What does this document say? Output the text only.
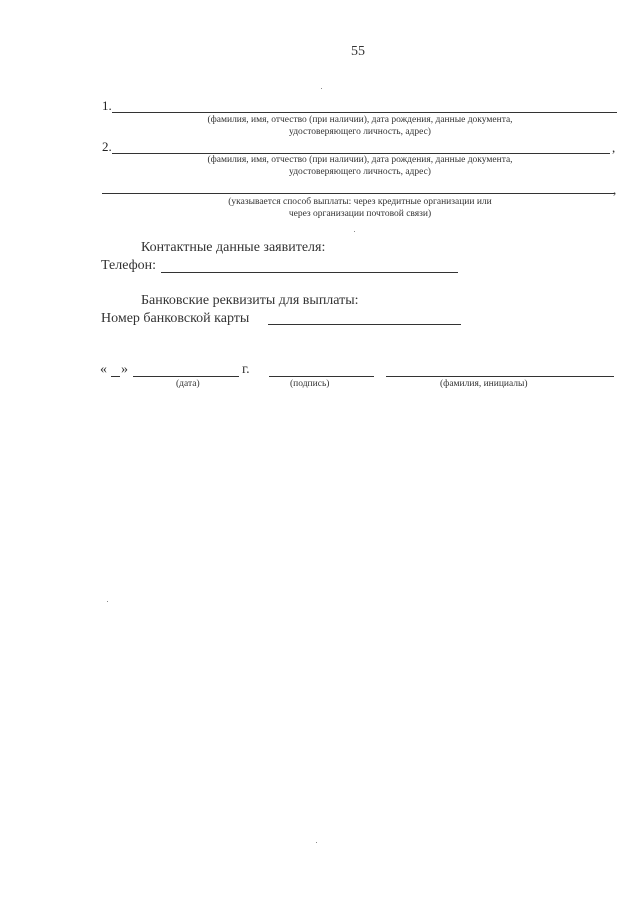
55
1.
(фамилия, имя, отчество (при наличии), дата рождения, данные документа,
удостоверяющего личность, адрес)
2.	,
(фамилия, имя, отчество (при наличии), дата рождения, данные документа,
удостоверяющего личность, адрес)
,
(указывается способ выплаты: через кредитные организации или
через организации почтовой связи)
Контактные данные заявителя:
Телефон:
Банковские реквизиты для выплаты:
Номер банковской карты
« »	г.
(дата)	(подпись)	(фамилия, инициалы)
